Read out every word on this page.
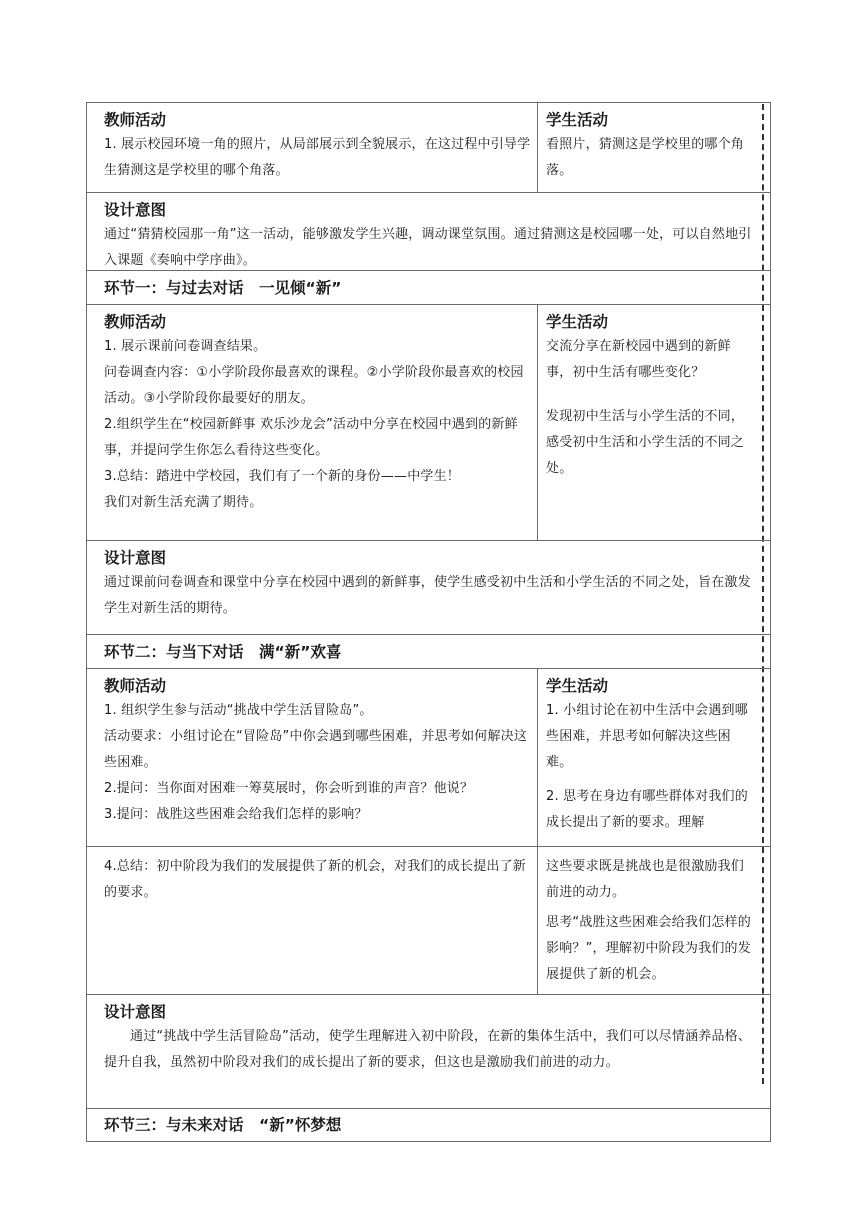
教师活动

1. 展示校园环境一角的照片，从局部展示到全貌展示，在这过程中引导学生猜测这是学校里的哪个角落。

学生活动

看照片，猜测这是学校里的哪个角落。

设计意图

通过“猜猜校园那一角”这一活动，能够激发学生兴趣，调动课堂氛围。通过猜测这是校园哪一处，可以自然地引入课题《奏响中学序曲》。

环节一：与过去对话　一见倾“新”

教师活动

1. 展示课前问卷调查结果。

问卷调查内容：①小学阶段你最喜欢的课程。②小学阶段你最喜欢的校园活动。③小学阶段你最要好的朋友。

2.组织学生在“校园新鲜事 欢乐沙龙会”活动中分享在校园中遇到的新鲜事，并提问学生你怎么看待这些变化。

3.总结：踏进中学校园，我们有了一个新的身份——中学生！

我们对新生活充满了期待。

学生活动

交流分享在新校园中遇到的新鲜事，初中生活有哪些变化？

发现初中生活与小学生活的不同，感受初中生活和小学生活的不同之处。

设计意图

通过课前问卷调查和课堂中分享在校园中遇到的新鲜事，使学生感受初中生活和小学生活的不同之处，旨在激发学生对新生活的期待。

环节二：与当下对话　满“新”欢喜

教师活动

1. 组织学生参与活动“挑战中学生活冒险岛”。

活动要求：小组讨论在“冒险岛”中你会遇到哪些困难，并思考如何解决这些困难。

2.提问：当你面对困难一筹莫展时，你会听到谁的声音？他说？

3.提问：战胜这些困难会给我们怎样的影响？

学生活动

1. 小组讨论在初中生活中会遇到哪些困难，并思考如何解决这些困难。

2. 思考在身边有哪些群体对我们的成长提出了新的要求。理解

4.总结：初中阶段为我们的发展提供了新的机会，对我们的成长提出了新的要求。

这些要求既是挑战也是很激励我们前进的动力。

思考“战胜这些困难会给我们怎样的影响？”，理解初中阶段为我们的发展提供了新的机会。

设计意图

通过“挑战中学生活冒险岛”活动，使学生理解进入初中阶段，在新的集体生活中，我们可以尽情涵养品格、提升自我，虽然初中阶段对我们的成长提出了新的要求，但这也是激励我们前进的动力。

环节三：与未来对话　“新”怀梦想
